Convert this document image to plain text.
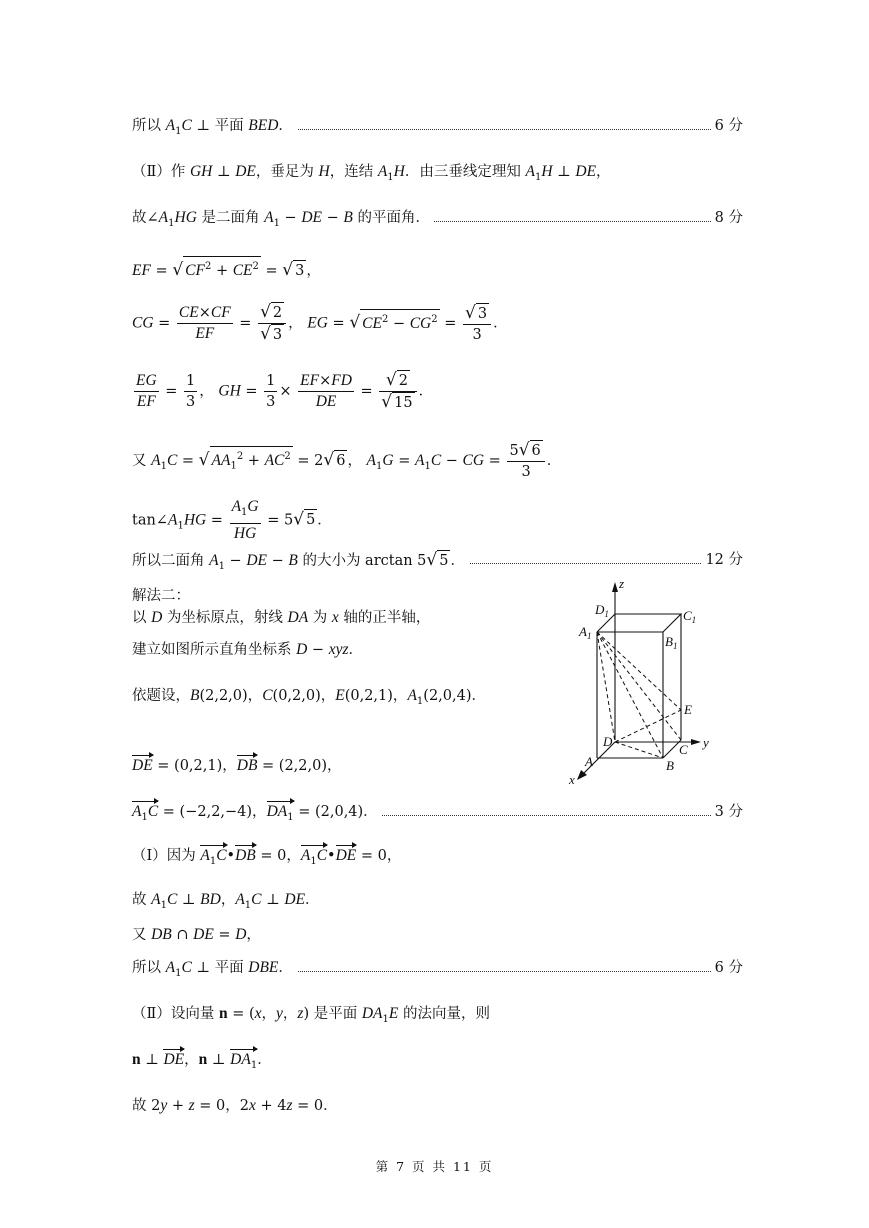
所以 $A_1C$ ⊥ 平面 BED．	6 分
（Ⅱ）作 GH ⊥ DE，垂足为 H，连结 $A_1H$．由三垂线定理知 $A_1H$ ⊥ DE，
故$\angle A_1HG$ 是二面角 $A_1$ − DE − B 的平面角．	8 分
EF = √ $CF^2 + CE^2$ = √ 3 ，
CG = $\frac{CE\times CF}{EF} = \frac{√ 2}{√ 3}$ ， EG = √ $CE^2 - CG^2 = \frac{√ 3}{3}$ ．
$\frac{EG}{EF} = \frac{1}{3}$ ， GH = $\frac{1}{3} \times \frac{EF\times FD}{DE} = \frac{√ 2}{√ 15}$ ．
又 $A_1C$ = √ $AA_1^2 + AC^2 = 2√$ 6 ， $A_1G = A_1C$ − CG = $\frac{5√ 6}{3}$ ．
$\tan\angle A_1HG = \frac{A_1G}{HG} = 5√$ 5 ．
所以二面角 $A_1$ − DE − B 的大小为 arctan 5√ 5 ．	12 分
解法二：
以 D 为坐标原点，射线 DA 为 x 轴的正半轴，
建立如图所示直角坐标系 D − xyz．
依题设，B(2,2,0)，C(0,2,0)，E(0,2,1)，$A_1(2,0,4)$．
DE = (0,2,1)，DB = (2,2,0)，
$A_1C = (-2,2,-4)$，$DA_1 = (2,0,4)$．	3 分
（Ⅰ）因为 $A_1C•DB = 0$，$A_1C•DE = 0$，
故 $A_1C$ ⊥ BD，$A_1C$ ⊥ DE．
又 DB ∩ DE = D，
所以 $A_1C$ ⊥ 平面 DBE．	6 分
（Ⅱ）设向量 n = (x，y，z) 是平面 $DA_1E$ 的法向量，则
n ⊥ DE，n ⊥ $DA_1$．
故 2y + z = 0，2x + 4z = 0．
z
$D_1$	$C_1$
$A_1$	$B_1$
E
D	y
C
A	B
x
第 7 页 共 11 页
